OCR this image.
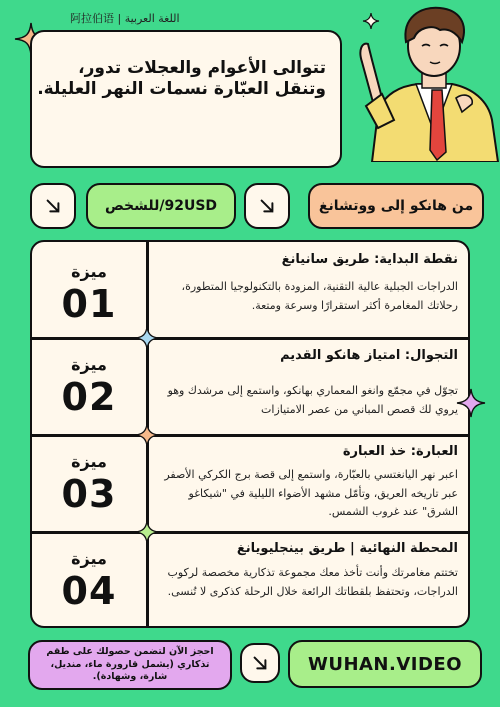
阿拉伯语 | اللغة العربية
تتوالى الأعوام والعجلات تدور، وتنقل العبّارة نسمات النهر العليلة.
92USD/للشخص	من هانكو إلى ووتشانغ
ميزة
01
نقطة البداية: طريق سانيانغ
الدراجات الجبلية عالية التقنية، المزودة بالتكنولوجيا المتطورة، رحلاتك المغامرة أكثر استقرارًا وسرعة ومتعة.
ميزة
02
التجوال: امتياز هانكو القديم
تجوّل في مجمّع وانغو المعماري بهانكو، واستمع إلى مرشدك وهو يروي لك قصص المباني من عصر الامتيازات
ميزة
03
العبارة: خذ العبارة
اعبر نهر اليانغتسي بالعبّارة، واستمع إلى قصة برج الكركي الأصفر عبر تاريخه العريق، وتأمّل مشهد الأضواء الليلية في "شيكاغو الشرق" عند غروب الشمس.
ميزة
04
المحطة النهائية | طريق بينجليويانغ
تختتم مغامرتك وأنت تأخذ معك مجموعة تذكارية مخصصة لركوب الدراجات، وتحتفظ بلقطاتك الرائعة خلال الرحلة كذكرى لا تُنسى.
احجز الآن لتضمن حصولك على طقم تذكاري (يشمل قارورة ماء، منديل، شارة، وشهادة).
WUHAN.VIDEO
